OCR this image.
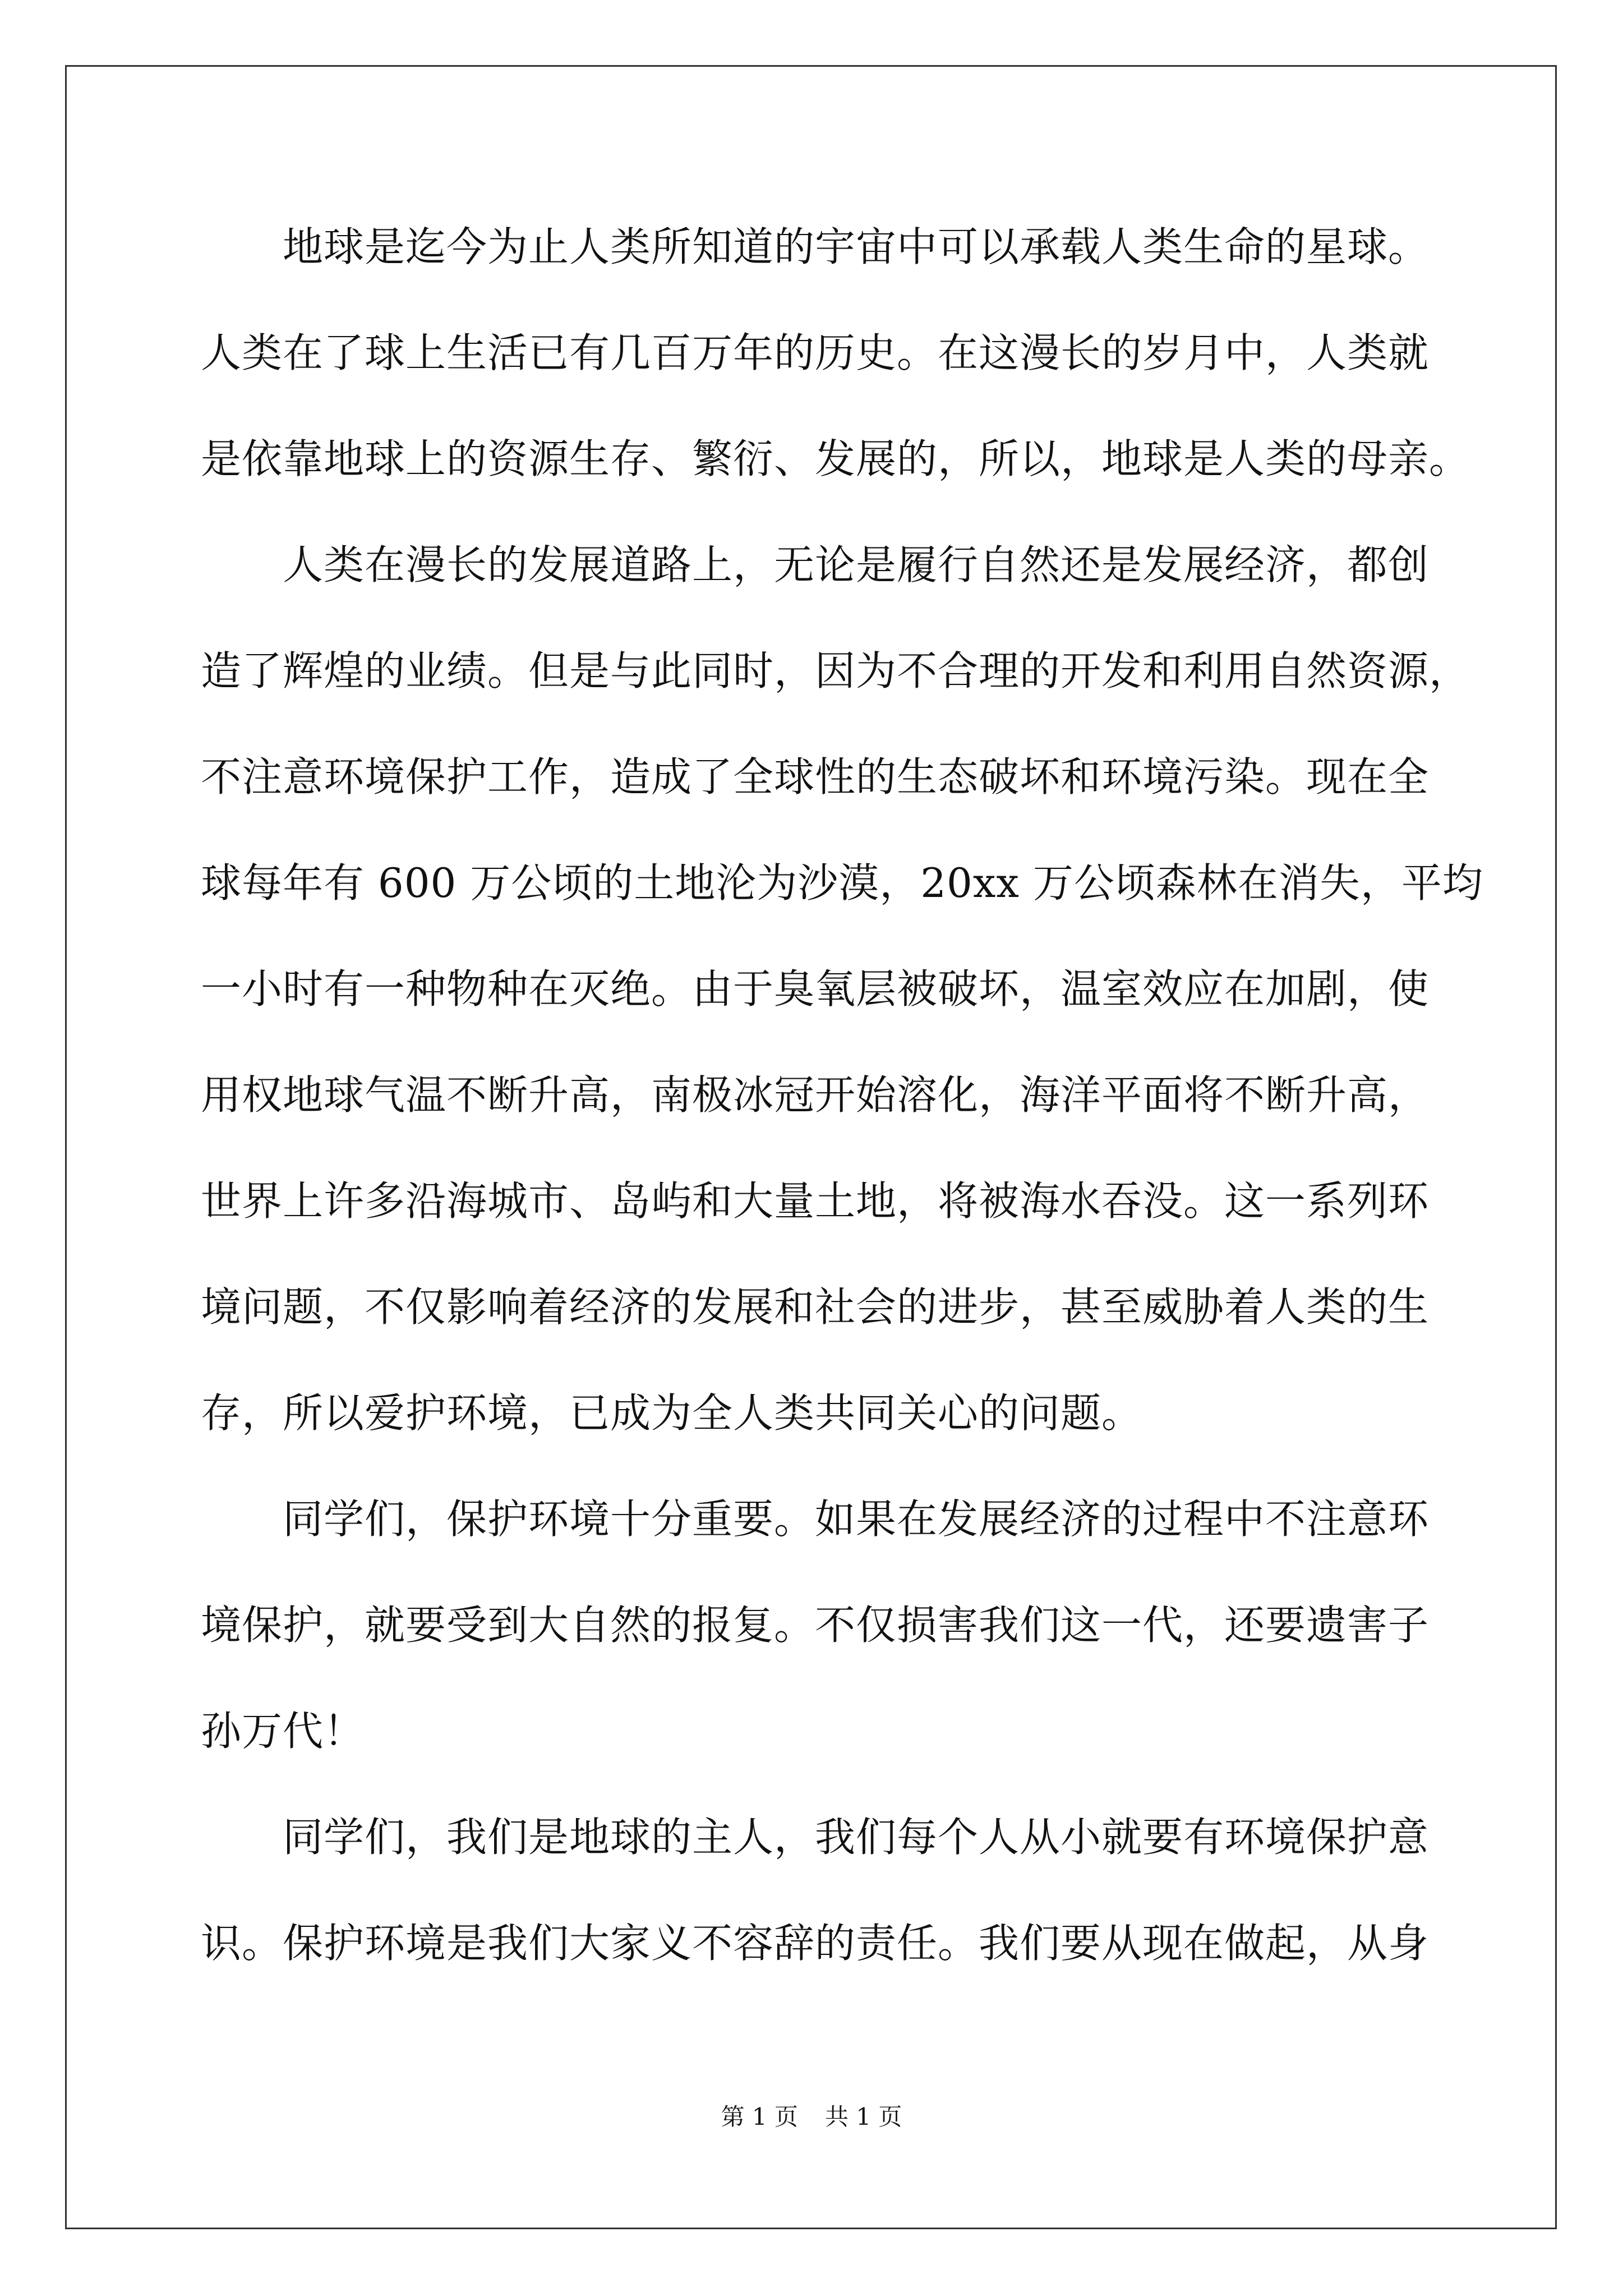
　　地球是迄今为止人类所知道的宇宙中可以承载人类生命的星球。
人类在了球上生活已有几百万年的历史。在这漫长的岁月中，人类就
是依靠地球上的资源生存、繁衍、发展的，所以，地球是人类的母亲。
　　人类在漫长的发展道路上，无论是履行自然还是发展经济，都创
造了辉煌的业绩。但是与此同时，因为不合理的开发和利用自然资源，
不注意环境保护工作，造成了全球性的生态破坏和环境污染。现在全
球每年有 600 万公顷的土地沦为沙漠，20xx 万公顷森林在消失，平均
一小时有一种物种在灭绝。由于臭氧层被破坏，温室效应在加剧，使
用权地球气温不断升高，南极冰冠开始溶化，海洋平面将不断升高，
世界上许多沿海城市、岛屿和大量土地，将被海水吞没。这一系列环
境问题，不仅影响着经济的发展和社会的进步，甚至威胁着人类的生
存，所以爱护环境，已成为全人类共同关心的问题。
　　同学们，保护环境十分重要。如果在发展经济的过程中不注意环
境保护，就要受到大自然的报复。不仅损害我们这一代，还要遗害子
孙万代！
　　同学们，我们是地球的主人，我们每个人从小就要有环境保护意
识。保护环境是我们大家义不容辞的责任。我们要从现在做起，从身
第 1 页 共 1 页
